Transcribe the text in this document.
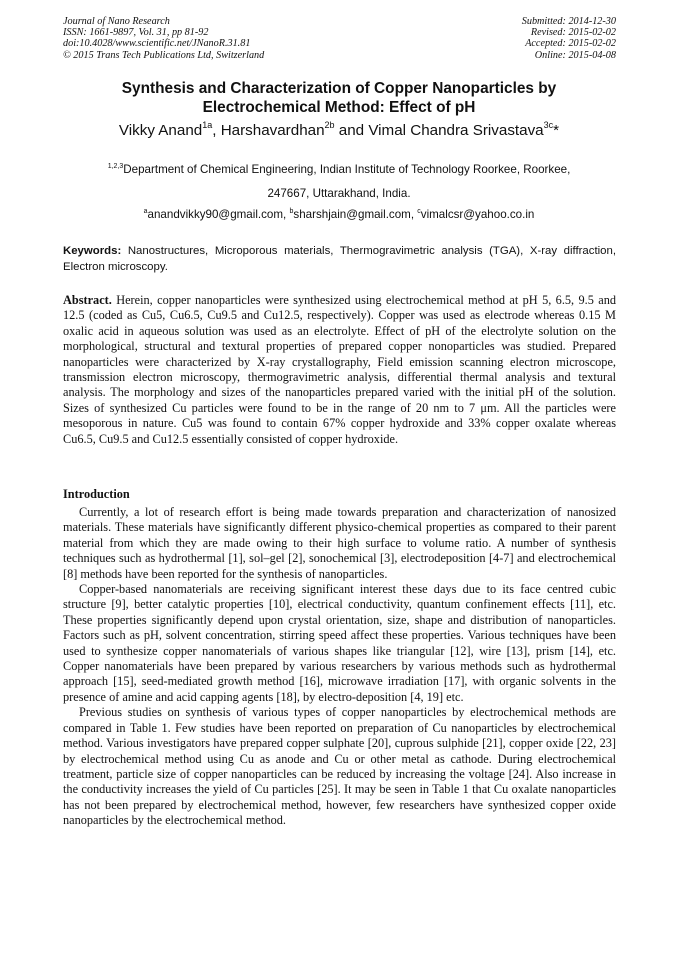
Journal of Nano Research
ISSN: 1661-9897, Vol. 31, pp 81-92
doi:10.4028/www.scientific.net/JNanoR.31.81
© 2015 Trans Tech Publications Ltd, Switzerland
Submitted: 2014-12-30
Revised: 2015-02-02
Accepted: 2015-02-02
Online: 2015-04-08
Synthesis and Characterization of Copper Nanoparticles by
Electrochemical Method: Effect of pH
Vikky Anand$^{1a}$, Harshavardhan$^{2b}$ and Vimal Chandra Srivastava$^{3c}$*
$^{1,2,3}$Department of Chemical Engineering, Indian Institute of Technology Roorkee, Roorkee,
247667, Uttarakhand, India.
$^a$anandvikky90@gmail.com, $^b$sharshjain@gmail.com, $^c$vimalcsr@yahoo.co.in
Keywords: Nanostructures, Microporous materials, Thermogravimetric analysis (TGA), X-ray diffraction, Electron microscopy.
Abstract. Herein, copper nanoparticles were synthesized using electrochemical method at pH 5, 6.5, 9.5 and 12.5 (coded as Cu5, Cu6.5, Cu9.5 and Cu12.5, respectively). Copper was used as electrode whereas 0.15 M oxalic acid in aqueous solution was used as an electrolyte. Effect of pH of the electrolyte solution on the morphological, structural and textural properties of prepared copper nonoparticles was studied. Prepared nanoparticles were characterized by X-ray crystallography, Field emission scanning electron microscope, transmission electron microscopy, thermogravimetric analysis, differential thermal analysis and textural analysis. The morphology and sizes of the nanoparticles prepared varied with the initial pH of the solution. Sizes of synthesized Cu particles were found to be in the range of 20 nm to 7 μm. All the particles were mesoporous in nature. Cu5 was found to contain 67% copper hydroxide and 33% copper oxalate whereas Cu6.5, Cu9.5 and Cu12.5 essentially consisted of copper hydroxide.
Introduction

Currently, a lot of research effort is being made towards preparation and characterization of nanosized materials. These materials have significantly different physico-chemical properties as compared to their parent material from which they are made owing to their high surface to volume ratio. A number of synthesis techniques such as hydrothermal [1], sol–gel [2], sonochemical [3], electrodeposition [4-7] and electrochemical [8] methods have been reported for the synthesis of nanoparticles.

Copper-based nanomaterials are receiving significant interest these days due to its face centred cubic structure [9], better catalytic properties [10], electrical conductivity, quantum confinement effects [11], etc. These properties significantly depend upon crystal orientation, size, shape and distribution of nanoparticles. Factors such as pH, solvent concentration, stirring speed affect these properties. Various techniques have been used to synthesize copper nanomaterials of various shapes like triangular [12], wire [13], prism [14], etc. Copper nanomaterials have been prepared by various researchers by various methods such as hydrothermal approach [15], seed-mediated growth method [16], microwave irradiation [17], with organic solvents in the presence of amine and acid capping agents [18], by electro-deposition [4, 19] etc.

Previous studies on synthesis of various types of copper nanoparticles by electrochemical methods are compared in Table 1. Few studies have been reported on preparation of Cu nanoparticles by electrochemical method. Various investigators have prepared copper sulphate [20], cuprous sulphide [21], copper oxide [22, 23] by electrochemical method using Cu as anode and Cu or other metal as cathode. During electrochemical treatment, particle size of copper nanoparticles can be reduced by increasing the voltage [24]. Also increase in the conductivity increases the yield of Cu particles [25]. It may be seen in Table 1 that Cu oxalate nanoparticles has not been prepared by electrochemical method, however, few researchers have synthesized copper oxide nanoparticles by the electrochemical method.
